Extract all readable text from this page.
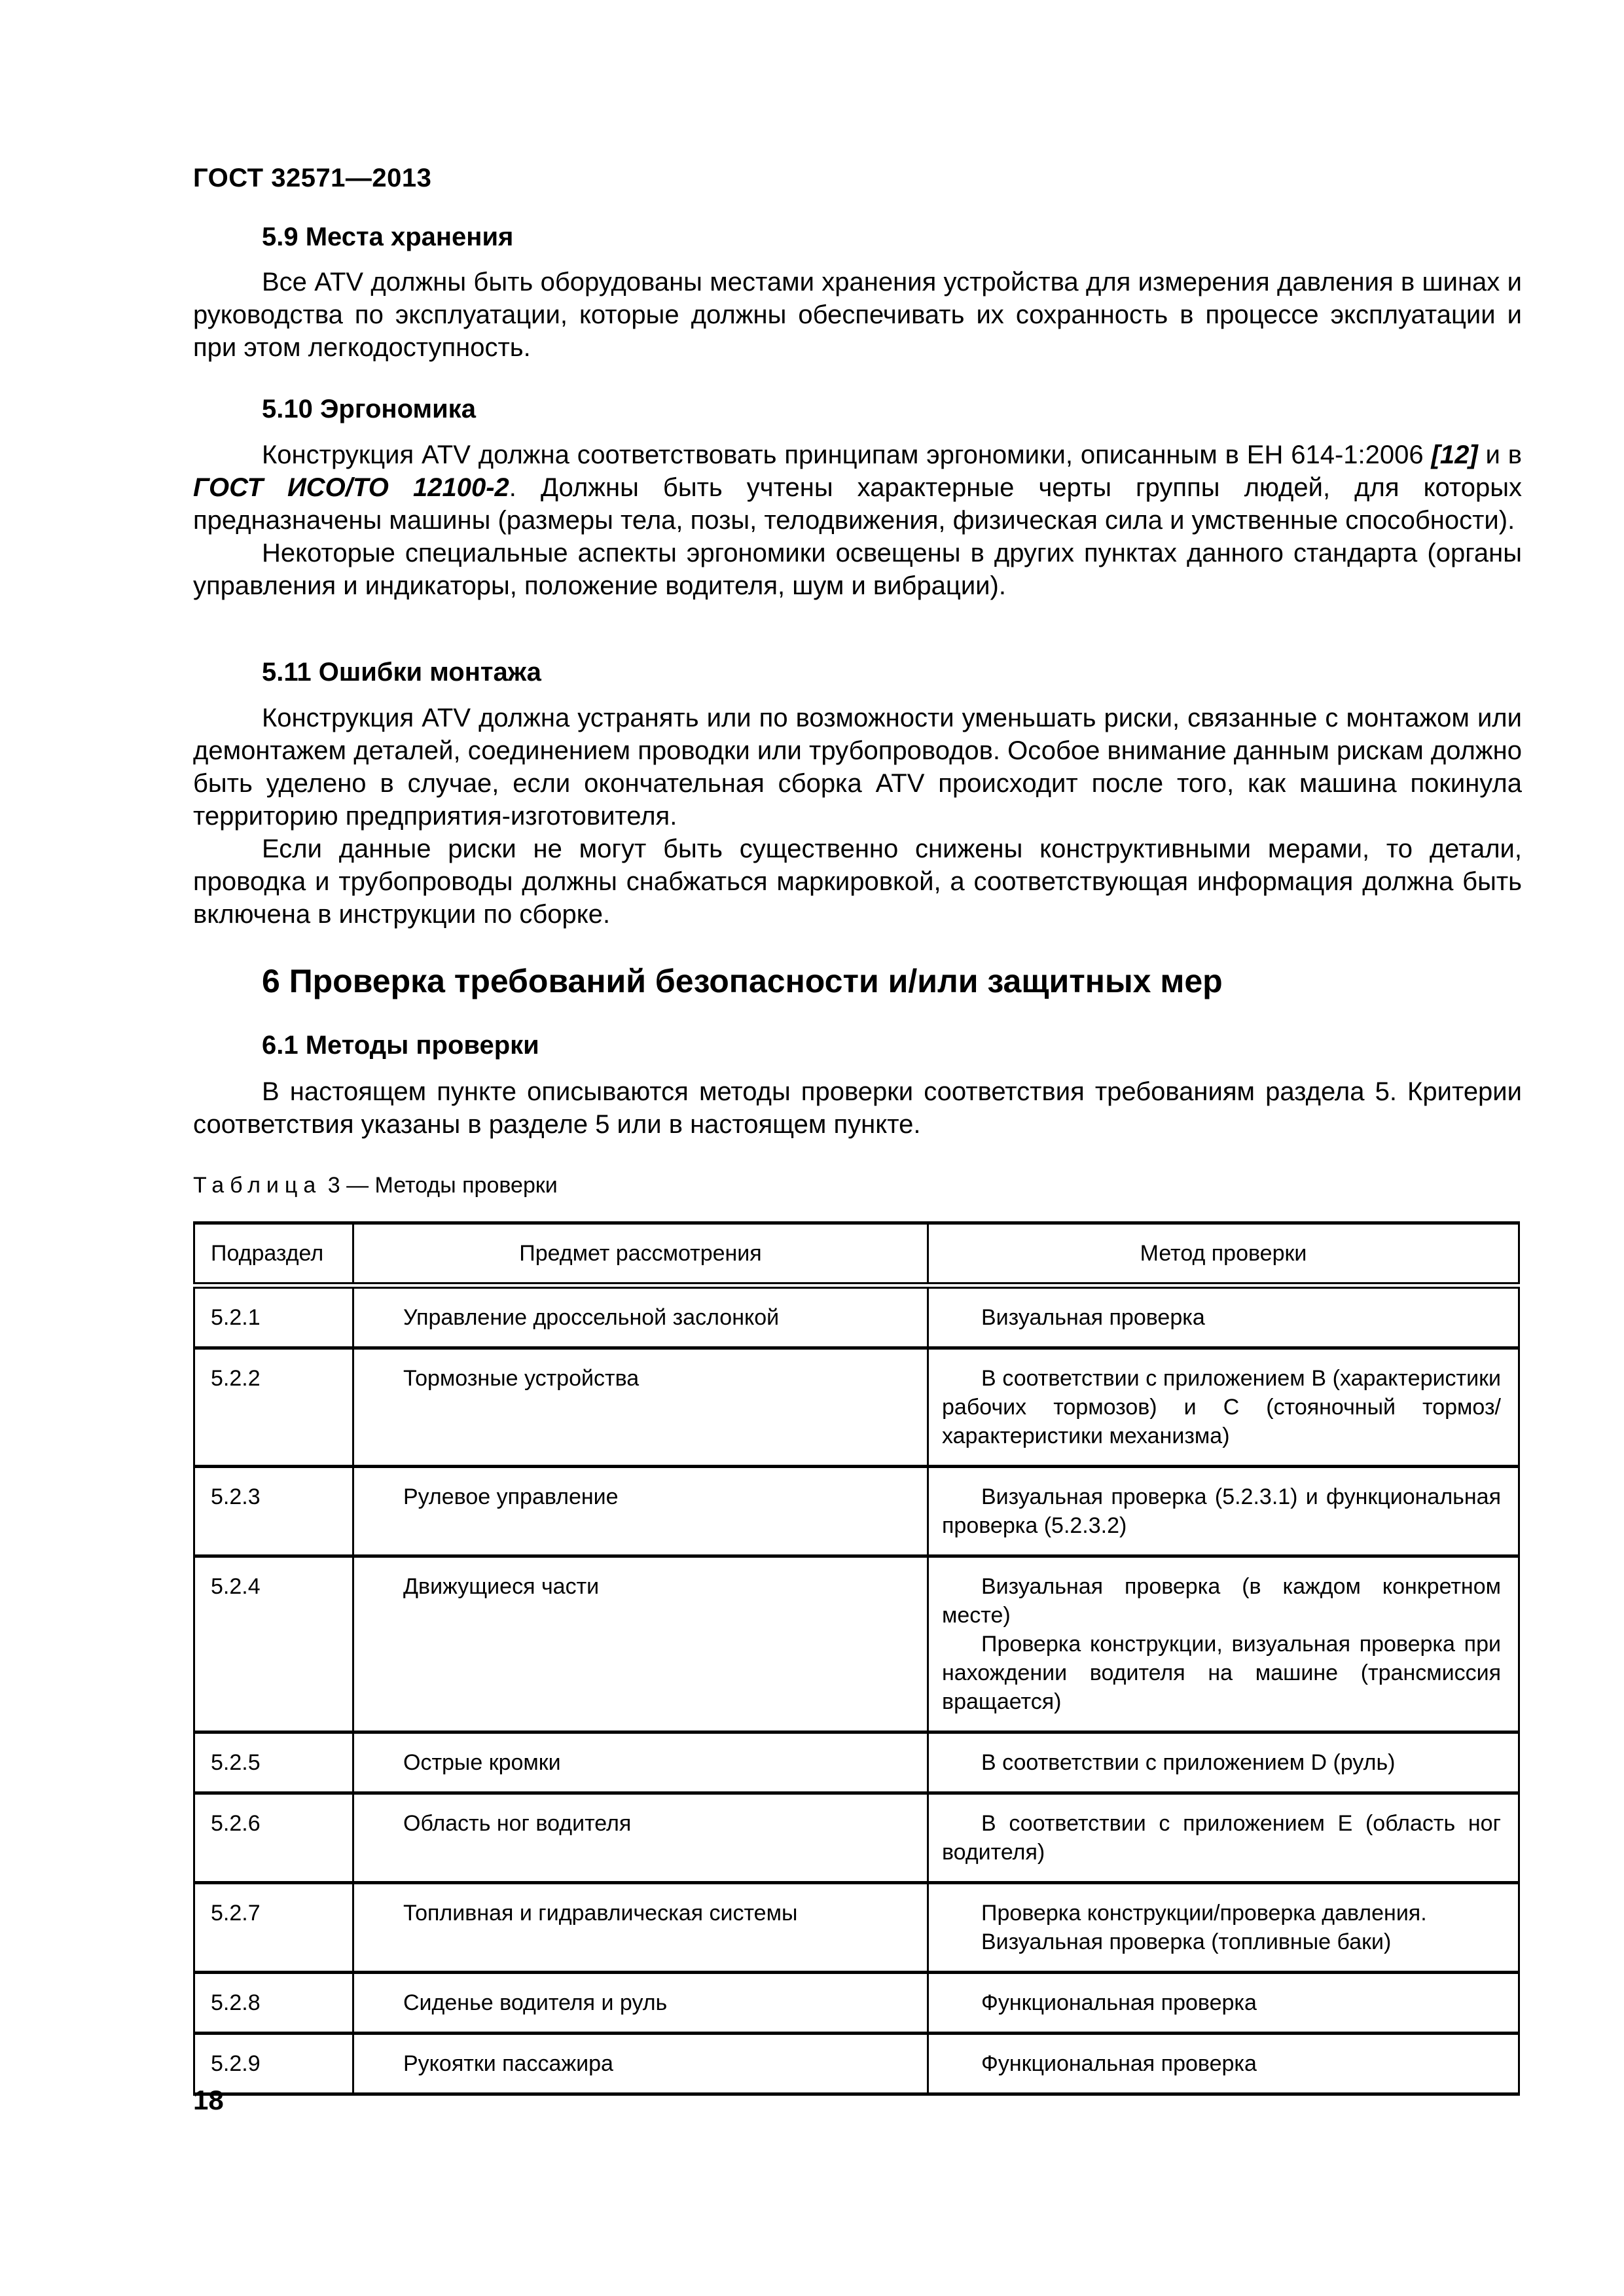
ГОСТ 32571—2013
5.9 Места хранения

Все ATV должны быть оборудованы местами хранения устройства для измерения давления в шинах и руководства по эксплуатации, которые должны обеспечивать их сохранность в процессе эксплуатации и при этом легкодоступность.

5.10 Эргономика

Конструкция ATV должна соответствовать принципам эргономики, описанным в ЕН 614-1:2006 [12] и в ГОСТ ИСО/ТО 12100-2. Должны быть учтены характерные черты группы людей, для которых предназначены машины (размеры тела, позы, телодвижения, физическая сила и умственные способности).

Некоторые специальные аспекты эргономики освещены в других пунктах данного стандарта (органы управления и индикаторы, положение водителя, шум и вибрации).

5.11 Ошибки монтажа

Конструкция ATV должна устранять или по возможности уменьшать риски, связанные с монтажом или демонтажем деталей, соединением проводки или трубопроводов. Особое внимание данным рискам должно быть уделено в случае, если окончательная сборка ATV происходит после того, как машина покинула территорию предприятия-изготовителя.

Если данные риски не могут быть существенно снижены конструктивными мерами, то детали, проводка и трубопроводы должны снабжаться маркировкой, а соответствующая информация должна быть включена в инструкции по сборке.

6 Проверка требований безопасности и/или защитных мер
6.1 Методы проверки

В настоящем пункте описываются методы проверки соответствия требованиям раздела 5. Критерии соответствия указаны в разделе 5 или в настоящем пункте.

Таблица 3 — Методы проверки
Подраздел	Предмет рассмотрения	Метод проверки
5.2.1	Управление дроссельной заслонкой	Визуальная проверка

5.2.2	Тормозные устройства	В соответствии с приложением В (характеристики рабочих тормозов) и С (стояночный тормоз/характеристики механизма)

5.2.3	Рулевое управление	Визуальная проверка (5.2.3.1) и функциональная проверка (5.2.3.2)

5.2.4	Движущиеся части	Визуальная проверка (в каждом конкретном месте)
Проверка конструкции, визуальная проверка при нахождении водителя на машине (трансмиссия вращается)

5.2.5	Острые кромки	В соответствии с приложением D (руль)

5.2.6	Область ног водителя	В соответствии с приложением Е (область ног водителя)

5.2.7	Топливная и гидравлическая системы	Проверка конструкции/проверка давления.
Визуальная проверка (топливные баки)

5.2.8	Сиденье водителя и руль	Функциональная проверка

5.2.9	Рукоятки пассажира	Функциональная проверка
18
